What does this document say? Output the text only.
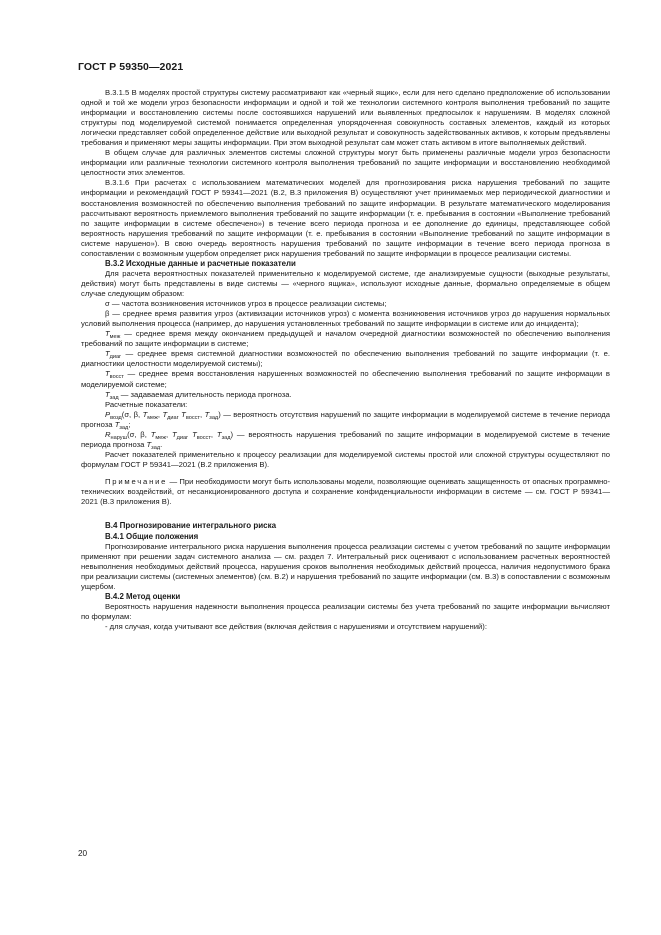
ГОСТ Р 59350—2021

В.3.1.5 В моделях простой структуры систему рассматривают как «черный ящик», если для него сделано предположение об использовании одной и той же модели угроз безопасности информации и одной и той же технологии системного контроля выполнения требований по защите информации и восстановлению системы после состоявшихся нарушений или выявленных предпосылок к нарушениям. В моделях сложной структуры под моделируемой системой понимается определенная упорядоченная совокупность составных элементов, каждый из которых логически представляет собой определенное действие или выходной результат и совокупность задействованных активов, к которым предъявлены требования и применяют меры защиты информации. При этом выходной результат сам может стать активом в итоге выполняемых действий.

В общем случае для различных элементов системы сложной структуры могут быть применены различные модели угроз безопасности информации или различные технологии системного контроля выполнения требований по защите информации и восстановлению необходимой целостности этих элементов.

В.3.1.6 При расчетах с использованием математических моделей для прогнозирования риска нарушения требований по защите информации и рекомендаций ГОСТ Р 59341—2021 (В.2, В.3 приложения В) осуществляют учет принимаемых мер периодической диагностики и восстановления возможностей по обеспечению выполнения требований по защите информации. В результате математического моделирования рассчитывают вероятность приемлемого выполнения требований по защите информации (т. е. пребывания в состоянии «Выполнение требований по защите информации в системе обеспечено») в течение всего периода прогноза и ее дополнение до единицы, представляющее собой вероятность нарушения требований по защите информации (т. е. пребывания в состоянии «Выполнение требований по защите информации в системе нарушено»). В свою очередь вероятность нарушения требований по защите информации в течение всего периода прогноза в сопоставлении с возможным ущербом определяет риск нарушения требований по защите информации в процессе реализации системы.

В.3.2 Исходные данные и расчетные показатели

Для расчета вероятностных показателей применительно к моделируемой системе, где анализируемые сущности (выходные результаты, действия) могут быть представлены в виде системы — «черного ящика», используют исходные данные, формально определяемые в общем случае следующим образом:

σ — частота возникновения источников угроз в процессе реализации системы;

β — среднее время развития угроз (активизации источников угроз) с момента возникновения источников угроз до нарушения нормальных условий выполнения процесса (например, до нарушения установленных требований по защите информации в системе или до инцидента);

$T_{меж}$ — среднее время между окончанием предыдущей и началом очередной диагностики возможностей по обеспечению выполнения требований по защите информации в системе;

$T_{диаг}$ — среднее время системной диагностики возможностей по обеспечению выполнения требований по защите информации (т. е. диагностики целостности моделируемой системы);

$T_{восст}$ — среднее время восстановления нарушенных возможностей по обеспечению выполнения требований по защите информации в моделируемой системе;

$T_{зад}$ — задаваемая длительность периода прогноза.

Расчетные показатели:

$P_{возд}(\sigma$, β, $T_{меж}$, $T_{диаг}$ $T_{восст}$, $T_{зад}$) — вероятность отсутствия нарушений по защите информации в моделируемой системе в течение периода прогноза $T_{зад}$;

$R_{наруш}(\sigma$, β, $T_{меж}$, $T_{диаг}$ $T_{восст}$, $T_{зад}$) — вероятность нарушения требований по защите информации в моделируемой системе в течение периода прогноза $T_{зад}$.

Расчет показателей применительно к процессу реализации для моделируемой системы простой или сложной структуры осуществляют по формулам ГОСТ Р 59341—2021 (В.2 приложения В).

Примечание — При необходимости могут быть использованы модели, позволяющие оценивать защищенность от опасных программно-технических воздействий, от несанкционированного доступа и сохранение конфиденциальности информации в системе — см. ГОСТ Р 59341—2021 (В.3 приложения В).

В.4 Прогнозирование интегрального риска
В.4.1 Общие положения

Прогнозирование интегрального риска нарушения выполнения процесса реализации системы с учетом требований по защите информации применяют при решении задач системного анализа — см. раздел 7. Интегральный риск оценивают с использованием расчетных вероятностей невыполнения необходимых действий процесса, нарушения сроков выполнения необходимых действий процесса, наличия недопустимого брака при реализации системы (системных элементов) (см. В.2) и нарушения требований по защите информации (см. В.3) в сопоставлении с возможным ущербом.

В.4.2 Метод оценки

Вероятность нарушения надежности выполнения процесса реализации системы без учета требований по защите информации вычисляют по формулам:

- для случая, когда учитывают все действия (включая действия с нарушениями и отсутствием нарушений):

20
